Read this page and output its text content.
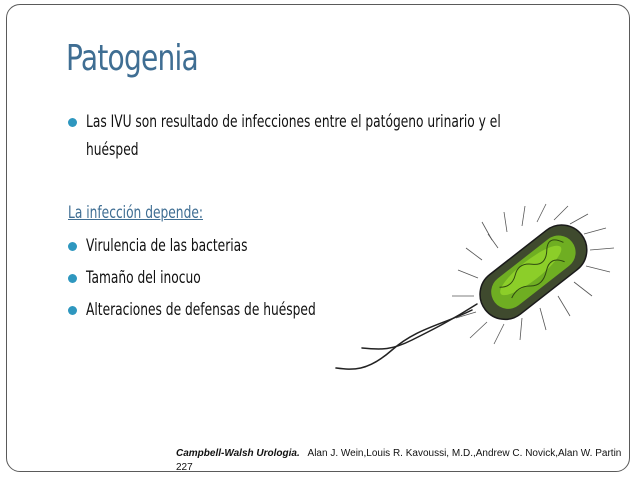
Patogenia
Las IVU son resultado de infecciones entre el patógeno urinario y el
huésped
La infección depende:
Virulencia de las bacterias
Tamaño del inocuo
Alteraciones de defensas de huésped
Campbell-Walsh Urologia. Alan J. Wein,Louis R. Kavoussi, M.D.,Andrew C. Novick,Alan W. Partin
227
